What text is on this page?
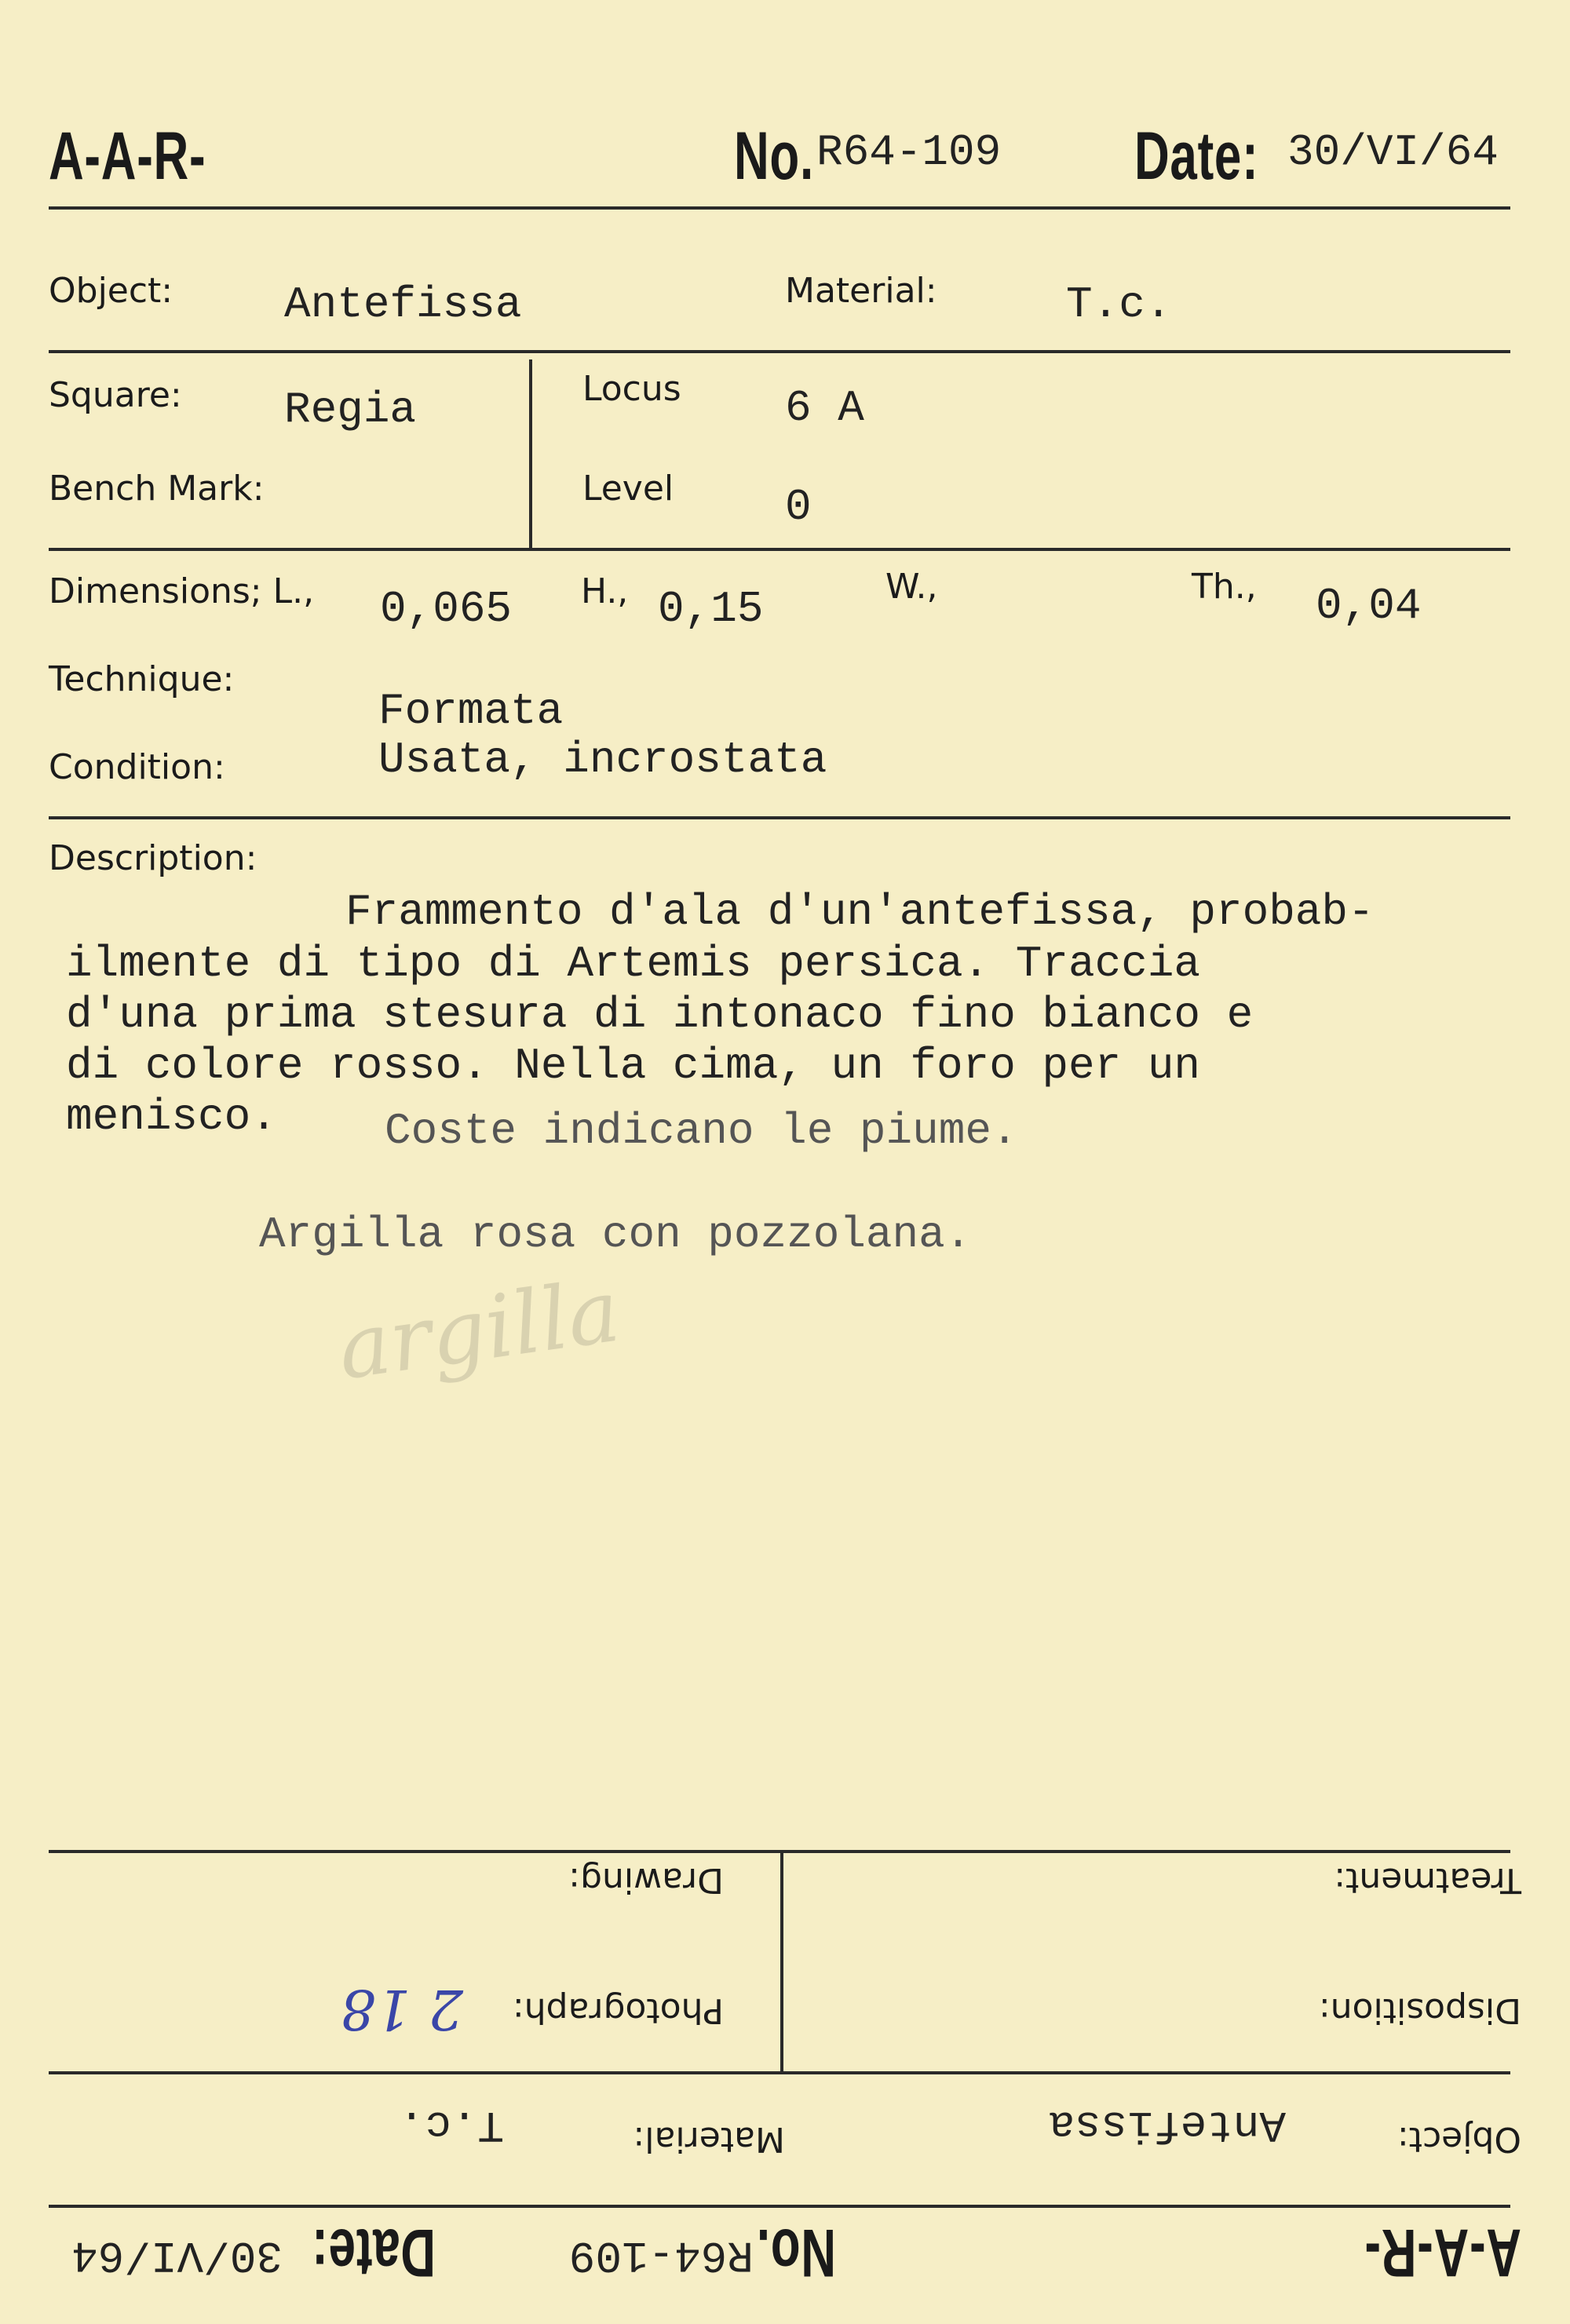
A-A-R-	No. R64-109 Date: 30/VI/64
Object:	Antefissa	Material:	T.c.
Square: Regia
Bench Mark:
Locus 6 A
Level	0
Dimensions; L., 0,065 H., 0,15	W.,	Th., 0,04
Technique:
Formata
Condition:	Usata, incrostata
Description:
Frammento d'ala d'un'antefissa, probab-
ilmente di tipo di Artemis persica. Traccia
d'una prima stesura di intonaco fino bianco e
di colore rosso. Nella cima, un foro per un
menisco. Coste indicano le piume.
Argilla rosa con pozzolana.
argilla
A-A-R-
No.
R64-109
Date:
30/VI/64
Object:
Antefissa
Material:
T.c.
Disposition:
Treatment:
Photograph:
2 18
Drawing:
